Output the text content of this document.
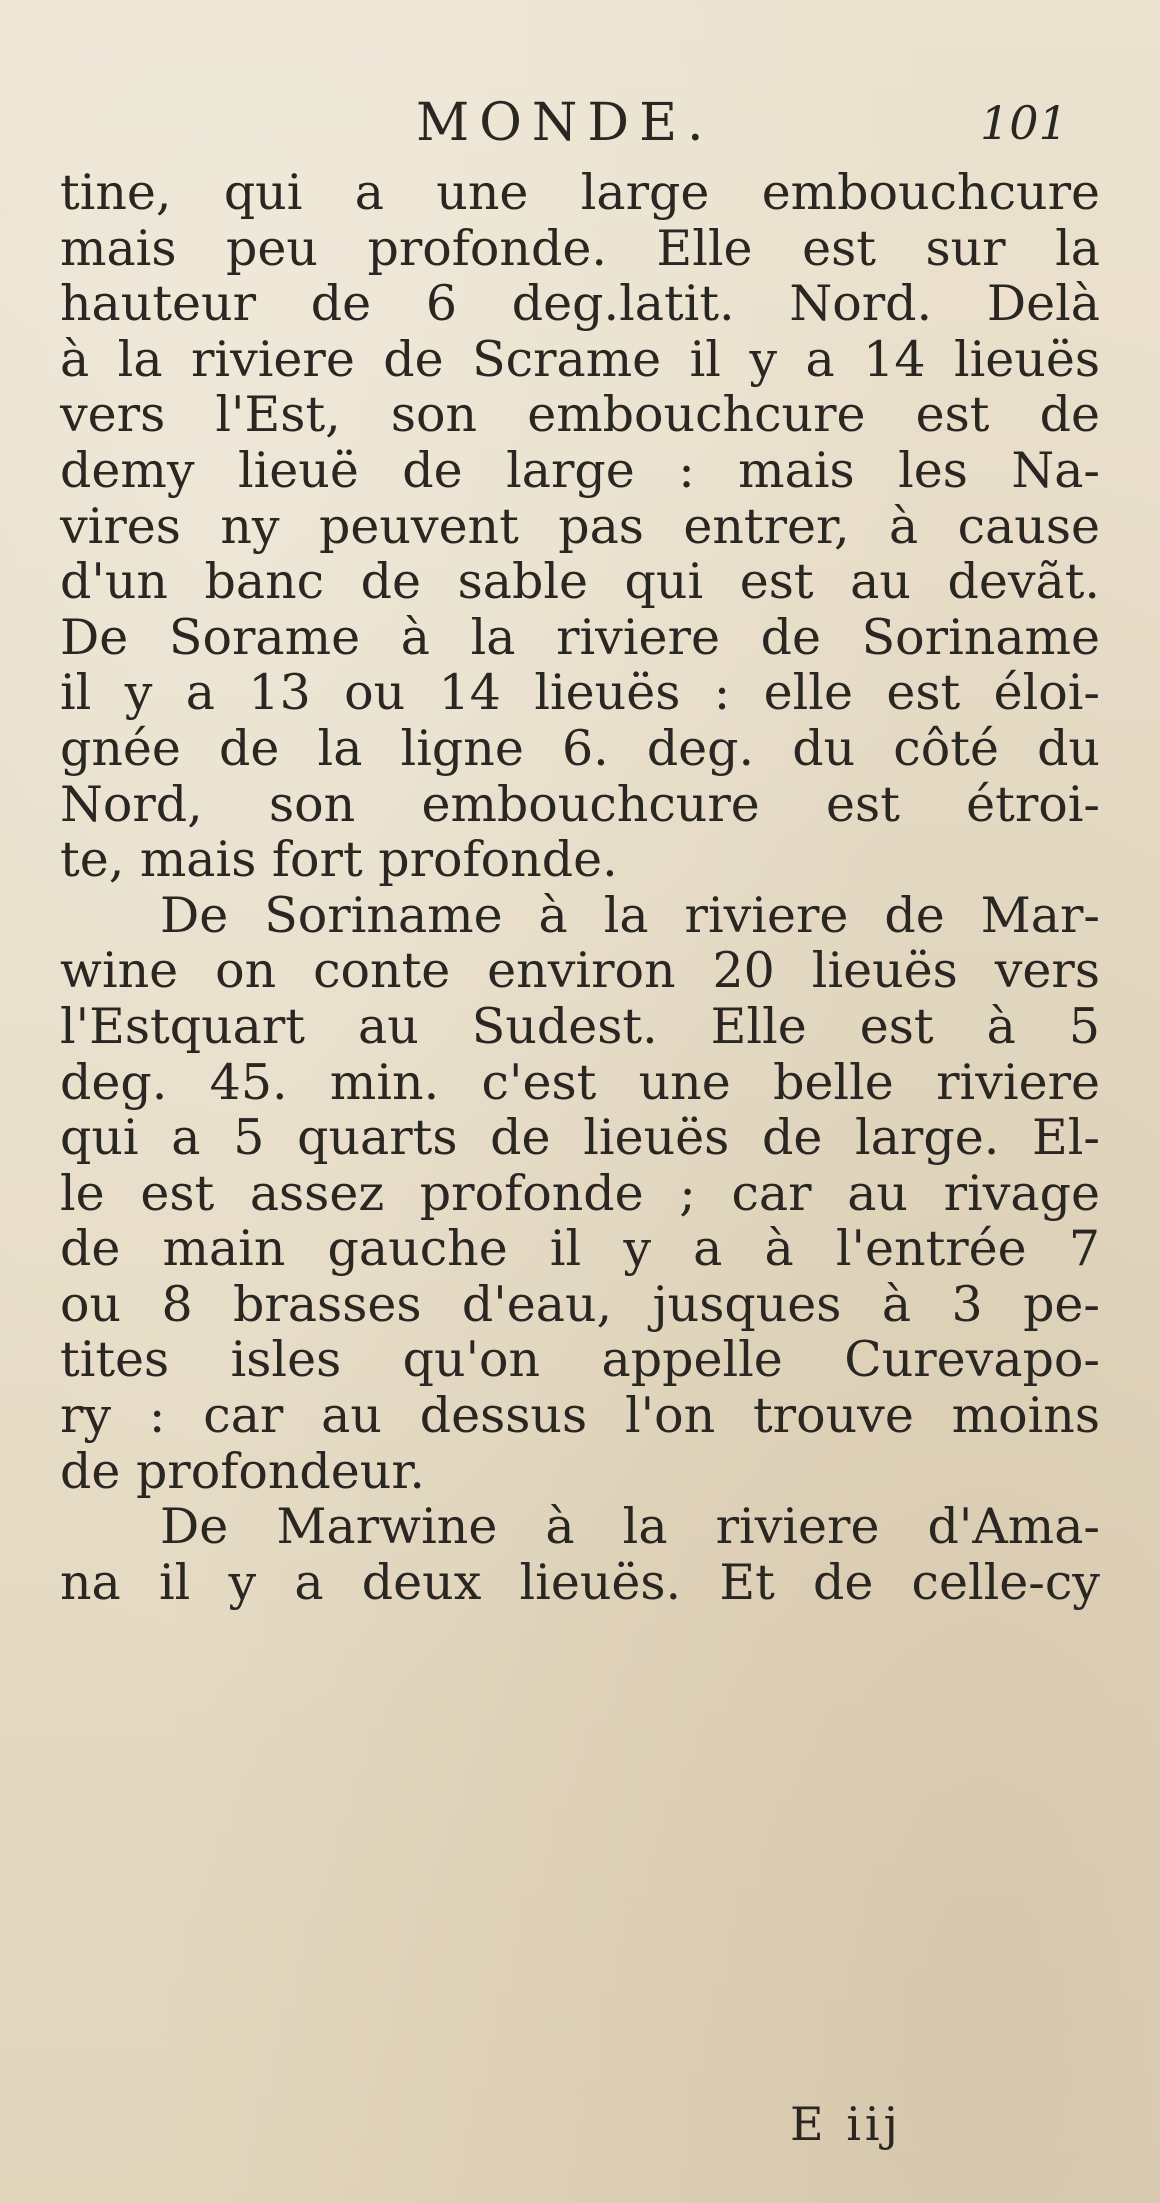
MONDE.	101
tine, qui a une large embouchcure
mais peu profonde. Elle est sur la
hauteur de 6 deg.latit. Nord. Delà
à la riviere de Scrame il y a 14 lieuës
vers l'Est, son embouchcure est de
demy lieuë de large : mais les Na-
vires ny peuvent pas entrer, à cause
d'un banc de sable qui est au devãt.
De Sorame à la riviere de Soriname
il y a 13 ou 14 lieuës : elle est éloi-
gnée de la ligne 6. deg. du côté du
Nord, son embouchcure est étroi-
te, mais fort profonde.
De Soriname à la riviere de Mar-
wine on conte environ 20 lieuës vers
l'Estquart au Sudest. Elle est à 5
deg. 45. min. c'est une belle riviere
qui a 5 quarts de lieuës de large. El-
le est assez profonde ; car au rivage
de main gauche il y a à l'entrée 7
ou 8 brasses d'eau, jusques à 3 pe-
tites isles qu'on appelle Curevapo-
ry : car au dessus l'on trouve moins
de profondeur.
De Marwine à la riviere d'Ama-
na il y a deux lieuës. Et de celle-cy
E iij
